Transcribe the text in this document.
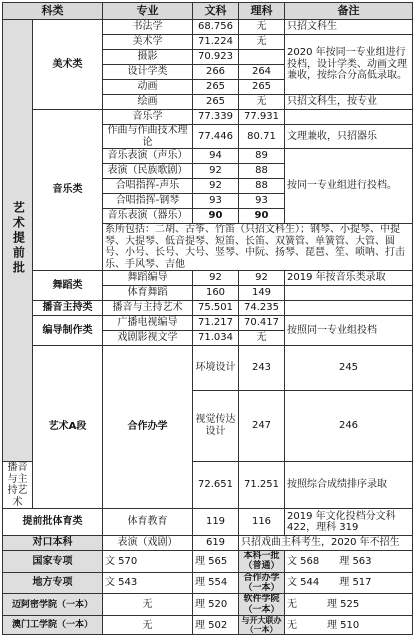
科类		专业	文科	理科	备注	
艺术提前批	美术类	书法学	68.756	无	只招文科生	
		美术学	71.224	无	2020 年按同一专业组进行投档，设计学类、动画文理兼收，按综合分高低录取。	
		摄影	70.923			
		设计学类	266	264		
		动画	265	265		
		绘画	265	无	只招文科生，按专业	
	音乐类	音乐学	77.339	77.931		
		作曲与作曲技术理论	77.446	80.71	文理兼收，只招器乐	
		音乐表演（声乐）	94	89	按同一专业组进行投档。	
		表演（民族歌剧）	92	88		
		合唱指挥-声乐	92	88		
		合唱指挥-钢琴	93	93		
		音乐表演（器乐）	90	90		
		系所包括：二胡、古筝、竹笛（只招文科生）；钢琴、小提琴、中提琴、大提琴、低音提琴、短笛、长笛、双簧管、单簧管、大管、圆号、小号、长号、大号、竖琴、中阮、扬琴、琵琶、笙、唢呐、打击乐、手风琴、吉他				
	舞蹈类	舞蹈编导	92	92	2019 年按音乐类录取	
		体育舞蹈	160	149		
	播音主持类	播音与主持艺术	75.501	74.235		
	编导制作类	广播电视编导	71.217	70.417	按照同一专业组投档	
		戏剧影视文学	71.034	无		
	艺术A段	合作办学	环境设计	243	245	
			视觉传达设计	247	246	
播音与主持艺术			72.651	71.251	按照综合成绩排序录取	
提前批体育类		体育教育	119	116	2019 年文化投档分文科 422，理科 319	
对口本科		表演（戏剧）	619	只招戏曲主科考生，2020 年不招生		
国家专项		文 570	理 565	本科一批（普通）	文 568　　 理 563	
地方专项		文 543	理 554	合作办学（一本）	文 544　　 理 517	
迈阿密学院（一本）		无	理 520	软件学院（一本）	无　　　 理 525	
澳门工学院（一本）		无	理 502	与开大联办（一本）	无　　　 理 510	
